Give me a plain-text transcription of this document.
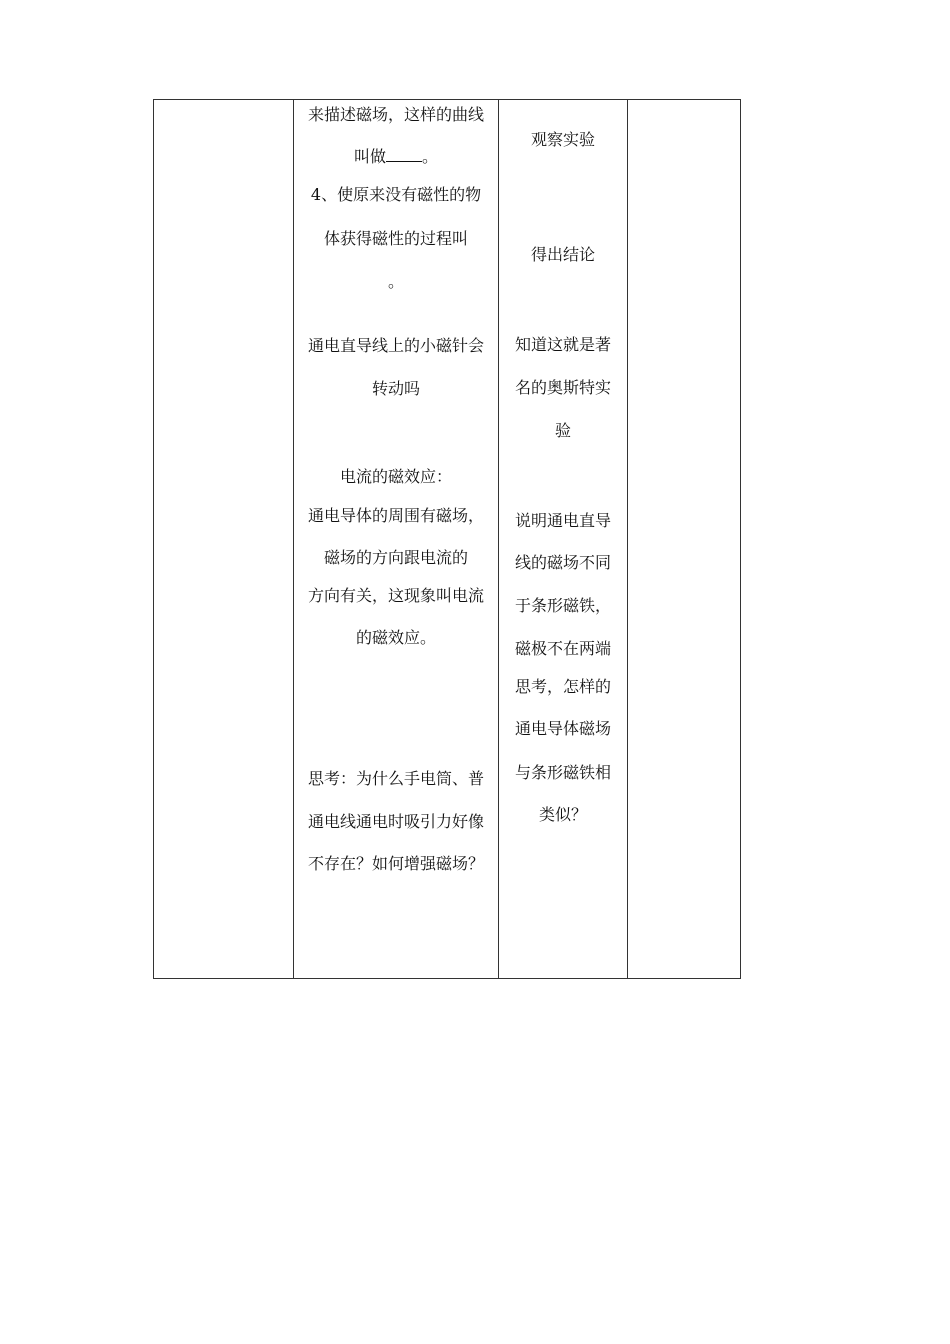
来描述磁场，这样的曲线
叫做 。
4、使原来没有磁性的物
体获得磁性的过程叫
。
通电直导线上的小磁针会
转动吗
电流的磁效应：
通电导体的周围有磁场，
磁场的方向跟电流的
方向有关，这现象叫电流
的磁效应。
思考：为什么手电筒、普
通电线通电时吸引力好像
不存在？如何增强磁场？
观察实验
得出结论
知道这就是著
名的奥斯特实
验
说明通电直导
线的磁场不同
于条形磁铁，
磁极不在两端
思考，怎样的
通电导体磁场
与条形磁铁相
类似？
